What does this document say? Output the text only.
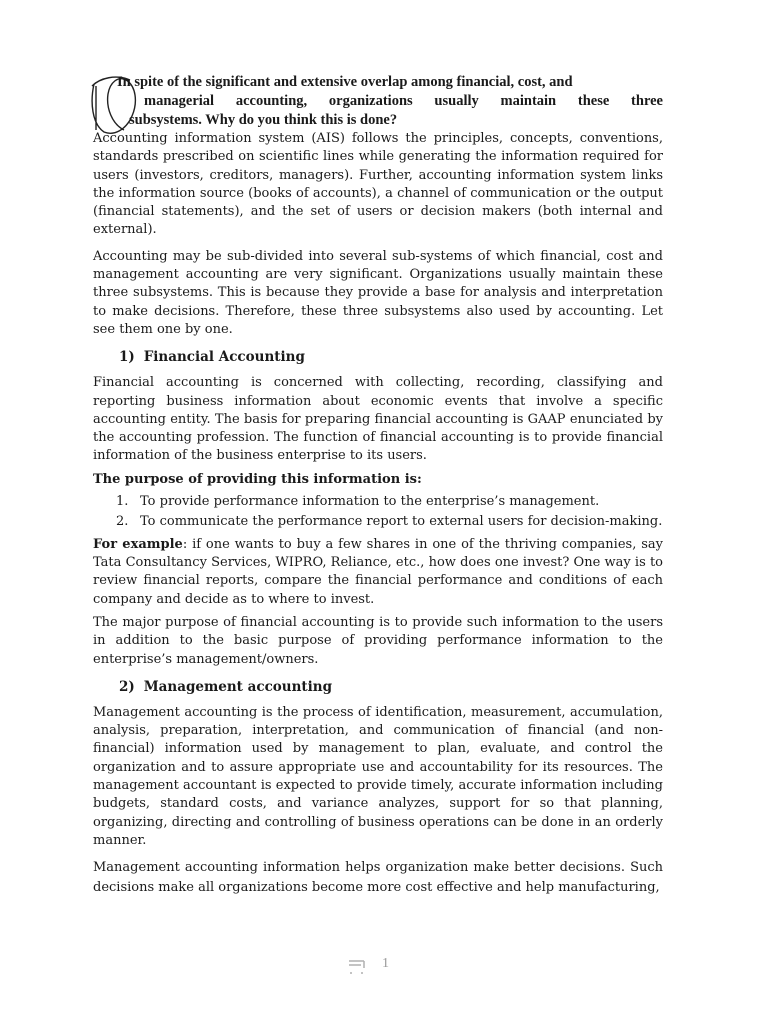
In spite of the significant and extensive overlap among financial, cost, and
managerial accounting, organizations usually maintain these three
subsystems. Why do you think this is done?

Accounting information system (AIS) follows the principles, concepts, conventions, standards prescribed on scientific lines while generating the information required for users (investors, creditors, managers). Further, accounting information system links the information source (books of accounts), a channel of communication or the output (financial statements), and the set of users or decision makers (both internal and external).

Accounting may be sub-divided into several sub-systems of which financial, cost and management accounting are very significant. Organizations usually maintain these three subsystems. This is because they provide a base for analysis and interpretation to make decisions. Therefore, these three subsystems also used by accounting. Let see them one by one.

1) Financial Accounting

Financial accounting is concerned with collecting, recording, classifying and reporting business information about economic events that involve a specific accounting entity. The basis for preparing financial accounting is GAAP enunciated by the accounting profession. The function of financial accounting is to provide financial information of the business enterprise to its users.

The purpose of providing this information is:
1. To provide performance information to the enterprise’s management.
2. To communicate the performance report to external users for decision-making.

For example: if one wants to buy a few shares in one of the thriving companies, say Tata Consultancy Services, WIPRO, Reliance, etc., how does one invest? One way is to review financial reports, compare the financial performance and conditions of each company and decide as to where to invest.

The major purpose of financial accounting is to provide such information to the users in addition to the basic purpose of providing performance information to the enterprise’s management/owners.

2) Management accounting

Management accounting is the process of identification, measurement, accumulation, analysis, preparation, interpretation, and communication of financial (and non-financial) information used by management to plan, evaluate, and control the organization and to assure appropriate use and accountability for its resources. The management accountant is expected to provide timely, accurate information including budgets, standard costs, and variance analyzes, support for so that planning, organizing, directing and controlling of business operations can be done in an orderly manner.

Management accounting information helps organization make better decisions. Such decisions make all organizations become more cost effective and help manufacturing,

1
